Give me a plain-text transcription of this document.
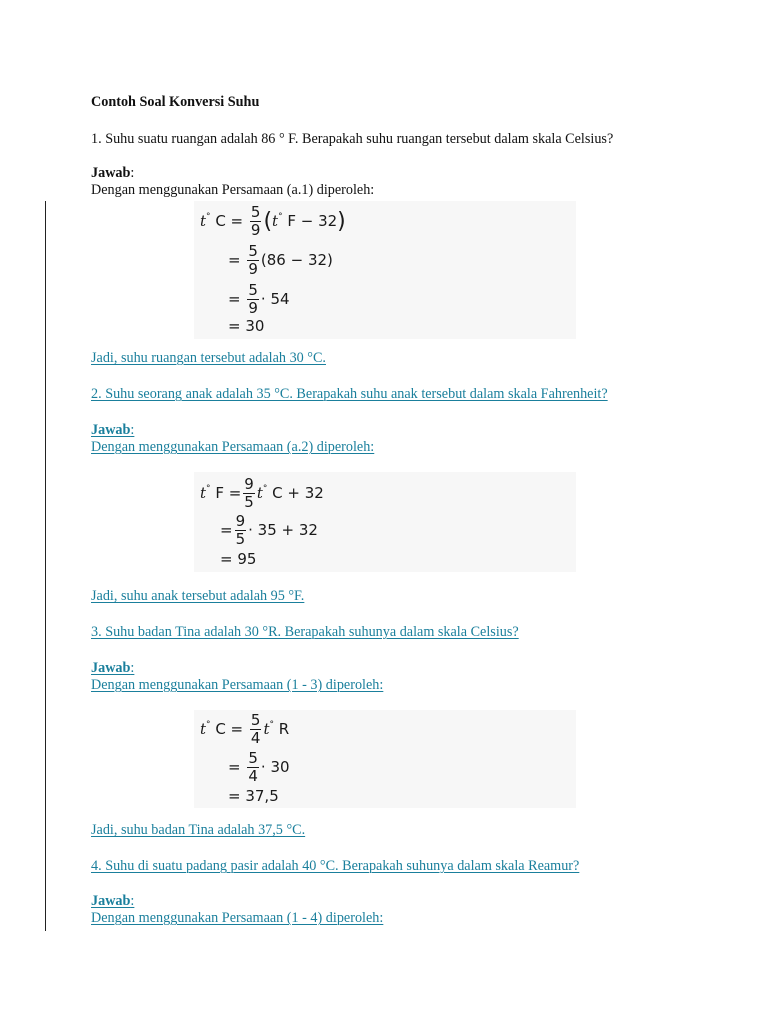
Contoh Soal Konversi Suhu

1. Suhu suatu ruangan adalah 86 ° F. Berapakah suhu ruangan tersebut dalam skala Celsius?

Jawab:

Dengan menggunakan Persamaan (a.1) diperoleh:

t° $C = \frac{5}{9} (t^\circ$ F − 32)
= $\frac{5}{9} (86 - 32)$
= $\frac{5}{9} \cdot 54$
= 30

Jadi, suhu ruangan tersebut adalah 30 °C.

2. Suhu seorang anak adalah 35 °C. Berapakah suhu anak tersebut dalam skala Fahrenheit?

Jawab:

Dengan menggunakan Persamaan (a.2) diperoleh:

t° $F = \frac{9}{5} t^\circ$ C + 32
= $\frac{9}{5} \cdot 35 + 32$
= 95

Jadi, suhu anak tersebut adalah 95 °F.

3. Suhu badan Tina adalah 30 °R. Berapakah suhunya dalam skala Celsius?

Jawab:

Dengan menggunakan Persamaan (1 - 3) diperoleh:

t° $C = \frac{5}{4} t^\circ$ R
= $\frac{5}{4} \cdot 30$
= 37,5

Jadi, suhu badan Tina adalah 37,5 °C.

4. Suhu di suatu padang pasir adalah 40 °C. Berapakah suhunya dalam skala Reamur?

Jawab:

Dengan menggunakan Persamaan (1 - 4) diperoleh:
